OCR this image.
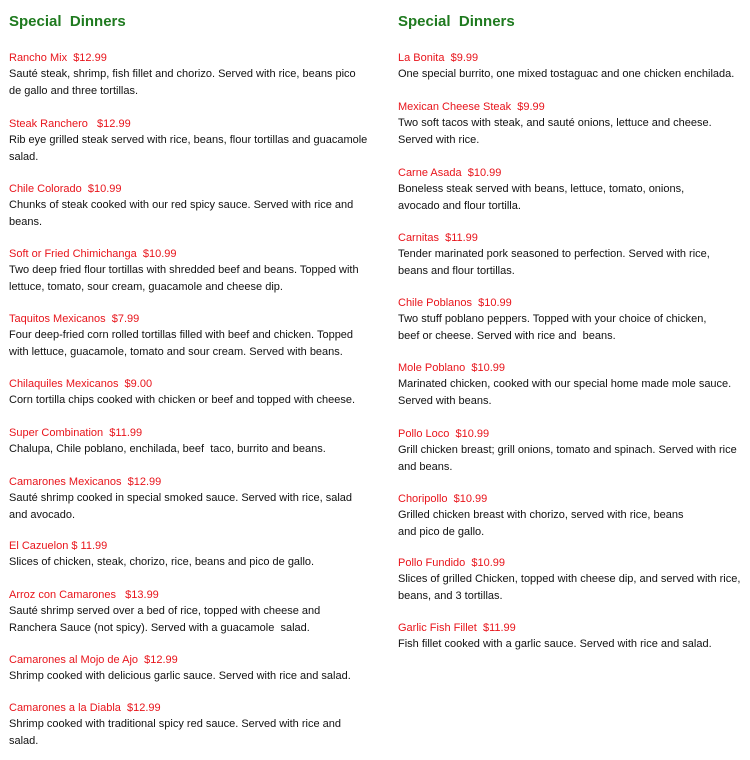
Special  Dinners
Rancho Mix  $12.99
Sauté steak, shrimp, fish fillet and chorizo. Served with rice, beans pico
de gallo and three tortillas.
Steak Ranchero   $12.99
Rib eye grilled steak served with rice, beans, flour tortillas and guacamole
salad.
Chile Colorado  $10.99
Chunks of steak cooked with our red spicy sauce. Served with rice and
beans.
Soft or Fried Chimichanga  $10.99
Two deep fried flour tortillas with shredded beef and beans. Topped with
lettuce, tomato, sour cream, guacamole and cheese dip.
Taquitos Mexicanos  $7.99
Four deep-fried corn rolled tortillas filled with beef and chicken. Topped
with lettuce, guacamole, tomato and sour cream. Served with beans.
Chilaquiles Mexicanos  $9.00
Corn tortilla chips cooked with chicken or beef and topped with cheese.
Super Combination  $11.99
Chalupa, Chile poblano, enchilada, beef  taco, burrito and beans.
Camarones Mexicanos  $12.99
Sauté shrimp cooked in special smoked sauce. Served with rice, salad
and avocado.
El Cazuelon $ 11.99
Slices of chicken, steak, chorizo, rice, beans and pico de gallo.
Arroz con Camarones   $13.99
Sauté shrimp served over a bed of rice, topped with cheese and
Ranchera Sauce (not spicy). Served with a guacamole  salad.
Camarones al Mojo de Ajo  $12.99
Shrimp cooked with delicious garlic sauce. Served with rice and salad.
Camarones a la Diabla  $12.99
Shrimp cooked with traditional spicy red sauce. Served with rice and
salad.
Special  Dinners
La Bonita  $9.99
One special burrito, one mixed tostaguac and one chicken enchilada.
Mexican Cheese Steak  $9.99
Two soft tacos with steak, and sauté onions, lettuce and cheese.
Served with rice.
Carne Asada  $10.99
Boneless steak served with beans, lettuce, tomato, onions,
avocado and flour tortilla.
Carnitas  $11.99
Tender marinated pork seasoned to perfection. Served with rice,
beans and flour tortillas.
Chile Poblanos  $10.99
Two stuff poblano peppers. Topped with your choice of chicken,
beef or cheese. Served with rice and  beans.
Mole Poblano  $10.99
Marinated chicken, cooked with our special home made mole sauce.
Served with beans.
Pollo Loco  $10.99
Grill chicken breast; grill onions, tomato and spinach. Served with rice
and beans.
Choripollo  $10.99
Grilled chicken breast with chorizo, served with rice, beans
and pico de gallo.
Pollo Fundido  $10.99
Slices of grilled Chicken, topped with cheese dip, and served with rice,
beans, and 3 tortillas.
Garlic Fish Fillet  $11.99
Fish fillet cooked with a garlic sauce. Served with rice and salad.
